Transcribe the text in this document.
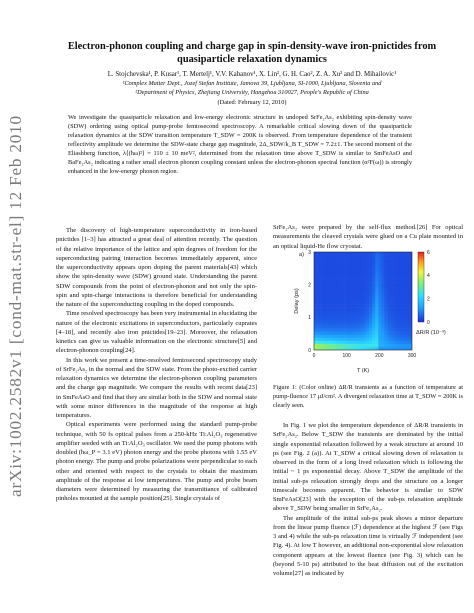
arXiv:1002.2582v1 [cond-mat.str-el] 12 Feb 2010
Electron-phonon coupling and charge gap in spin-density-wave iron-pnictides from quasiparticle relaxation dynamics
L. Stojchevska¹, P. Kusar¹, T. Mertelj¹, V.V. Kabanov¹, X. Lin², G. H. Cao², Z. A. Xu² and D. Mihailovic¹
¹Complex Matter Dept., Jozef Stefan Institute, Jamova 39, Ljubljana, SI-1000, Ljubljana, Slovenia and
²Department of Physics, Zhejiang University, Hangzhou 310027, People's Republic of China
(Dated: February 12, 2010)
We investigate the quasiparticle relaxation and low-energy electronic structure in undoped SrFe₂As₂ exhibiting spin-density wave (SDW) ordering using optical pump-probe femtosecond spectroscopy. A remarkable critical slowing down of the quasiparticle relaxation dynamics at the SDW transition temperature T_SDW = 200K is observed. From temperature dependence of the transient reflectivity amplitude we determine the SDW-state charge gap magnitude, 2Δ_SDW/k_B T_SDW = 7.2±1. The second moment of the Eliashberg function, λ⟨(ħω)²⟩ = 110 ± 10 meV², determined from the relaxation time above T_SDW is similar to SmFeAsO and BaFe₂As₂ indicating a rather small electron phonon coupling constant unless the electron-phonon spectral function (α²F(ω)) is strongly enhanced in the low-energy phonon region.

The discovery of high-temperature superconductivity in iron-based pnictides [1–3] has attracted a great deal of attention recently. The question of the relative importance of the lattice and spin degrees of freedom for the superconducting pairing interaction becomes immediately apparent, since the superconductivity appears upon doping the parent materials[43] which show the spin-density wave (SDW) ground state. Understanding the parent SDW compounds from the point of electron-phonon and not only the spin-spin and spin-charge interactions is therefore beneficial for understanding the nature of the superconducting coupling in the doped compounds.

Time resolved spectroscopy has been very instrumental in elucidating the nature of the electronic excitations in superconductors, particularly cuprates [4–18], and recently also iron pnictides[19–23]. Moreover, the relaxation kinetics can give us valuable information on the electronic structure[5] and electron-phonon coupling[24].

In this work we present a time-resolved femtosecond spectroscopy study of SrFe₂As₂ in the normal and the SDW state. From the photo-excited carrier relaxation dynamics we determine the electron-phonon coupling parameters and the charge gap magnitude. We compare the results with recent data[23] in SmFeAsO and find that they are similar both in the SDW and normal state with some minor differences in the magnitude of the response at high temperatures.

Optical experiments were performed using the standard pump-probe technique, with 50 fs optical pulses from a 250-kHz Ti:Al₂O₃ regenerative amplifier seeded with an Ti:Al₂O₃ oscillator. We used the pump photons with doubled (ħω_P = 3.1 eV) photon energy and the probe photons with 1.55 eV photon energy. The pump and probe polarizations were perpendicular to each other and oriented with respect to the crystals to obtain the maximum amplitude of the response at low temperatures. The pump and probe beam diameters were determined by measuring the transmittance of calibrated pinholes mounted at the sample position[25]. Single crystals of

SrFe₂As₂ were prepared by the self-flux method.[26] For optical measurements the cleaved crystals were glued on a Cu plate mounted in an optical liquid-He flow cryostat.

0	100	200	300
0
1
2
3
T (K)
Delay (ps)
a)
0
2
4
6
ΔR/R (10⁻³)
Figure 1: (Color online) ΔR/R transients as a function of temperature at pump-fluence 17 μJ/cm². A divergent relaxation time at T_SDW = 200K is clearly seen.

In Fig. 1 we plot the temperature dependence of ΔR/R transients in SrFe₂As₂. Below T_SDW the transients are dominated by the initial single exponential relaxation followed by a weak structure at around 10 ps (see Fig. 2 (a)). At T_SDW a critical slowing down of relaxation is observed in the form of a long lived relaxation which is following the initial ~ 1 ps exponential decay. Above T_SDW the amplitude of the initial sub-ps relaxation strongly drops and the structure on a longer timescale becomes apparent. The behavior is similar to SDW SmFeAsO[23] with the exception of the sub-ps relaxation amplitude above T_SDW being smaller in SrFe₂As₂.

The amplitude of the initial sub-ps peak shows a minor departure from the linear pump fluence (ℱ) dependence at the highest ℱ (see Figs 3 and 4) while the sub-ps relaxation time is virtually ℱ independent (see Fig. 4). At low T however, an additional non-exponential slow relaxation component appears at the lowest fluence (see Fig. 3) which can be (beyond 5-10 ps) attributed to the heat diffusion out of the excitation volume[27] as indicated by
